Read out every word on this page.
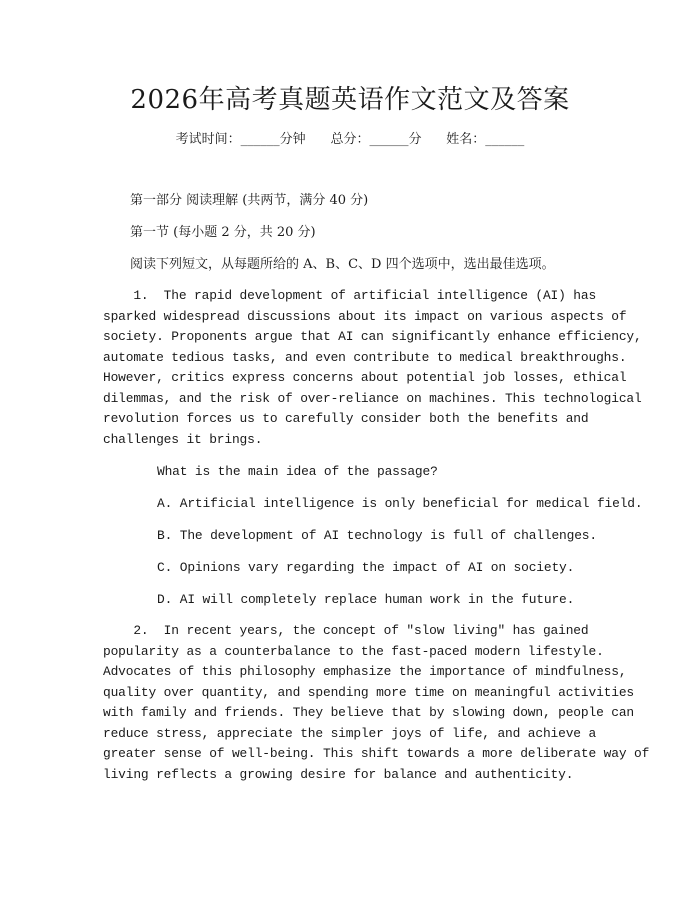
2026年高考真题英语作文范文及答案
考试时间：______分钟 总分：______分 姓名：______
第一部分 阅读理解 (共两节，满分 40 分)
第一节 (每小题 2 分，共 20 分)
阅读下列短文，从每题所给的 A、B、C、D 四个选项中，选出最佳选项。
1.  The rapid development of artificial intelligence (AI) has
sparked widespread discussions about its impact on various aspects of
society. Proponents argue that AI can significantly enhance efficiency,
automate tedious tasks, and even contribute to medical breakthroughs.
However, critics express concerns about potential job losses, ethical
dilemmas, and the risk of over-reliance on machines. This technological
revolution forces us to carefully consider both the benefits and
challenges it brings.
What is the main idea of the passage?
A. Artificial intelligence is only beneficial for medical field.
B. The development of AI technology is full of challenges.
C. Opinions vary regarding the impact of AI on society.
D. AI will completely replace human work in the future.
2.  In recent years, the concept of "slow living" has gained
popularity as a counterbalance to the fast-paced modern lifestyle.
Advocates of this philosophy emphasize the importance of mindfulness,
quality over quantity, and spending more time on meaningful activities
with family and friends. They believe that by slowing down, people can
reduce stress, appreciate the simpler joys of life, and achieve a
greater sense of well-being. This shift towards a more deliberate way of
living reflects a growing desire for balance and authenticity.
